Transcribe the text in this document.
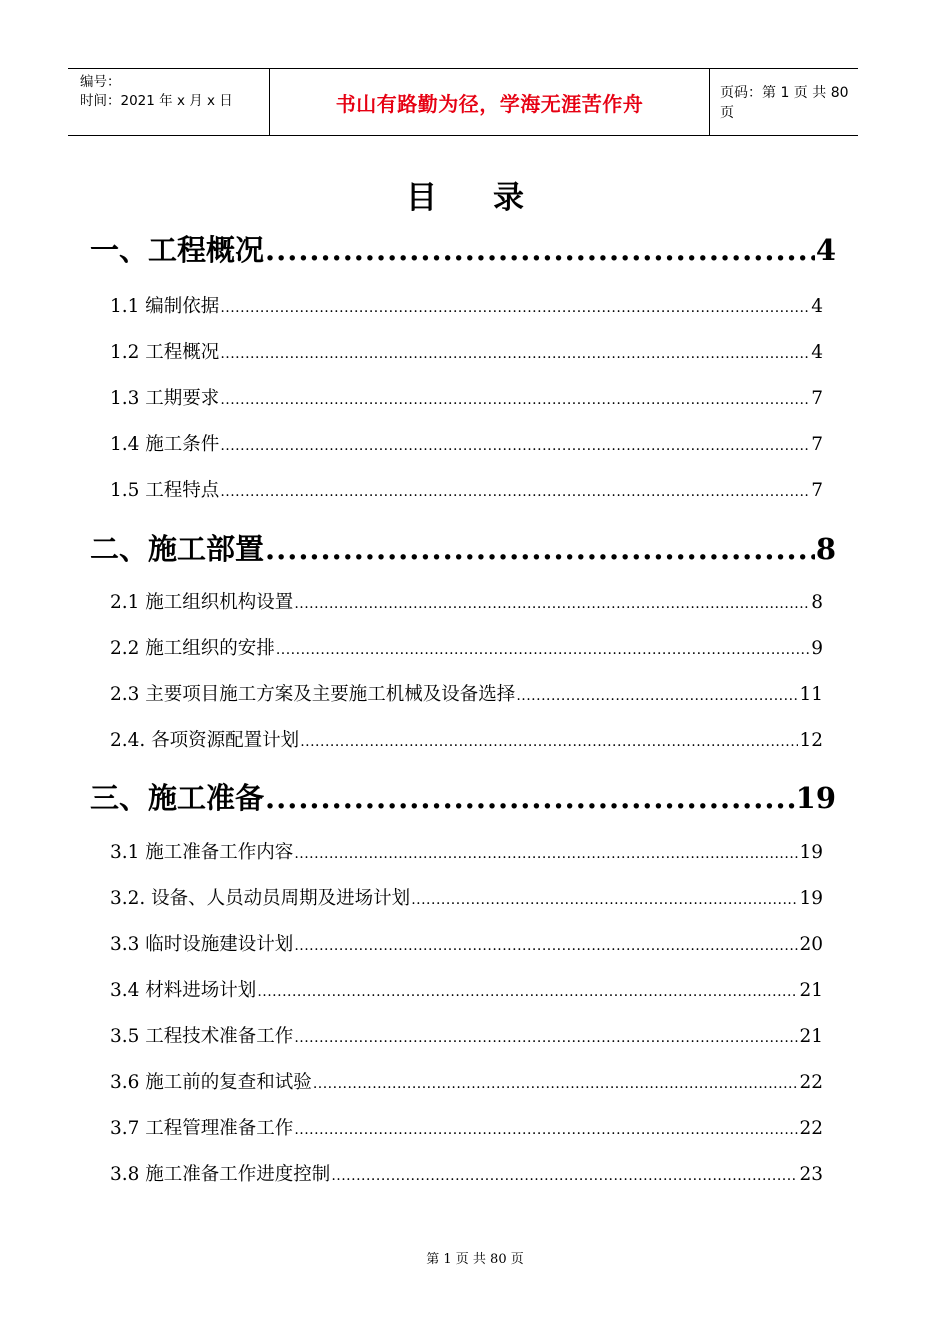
编号：
时间：2021 年 x 月 x 日	书山有路勤为径，学海无涯苦作舟	页码：第 1 页 共 80 页
目 录
一、 工程概况 .....	4
1.1 编制依据 .....	4
1.2 工程概况 .....	4
1.3 工期要求 .....	7
1.4 施工条件 .....	7
1.5 工程特点 .....	7
二、 施工部置 .....	8
2.1 施工组织机构设置 .....	8
2.2 施工组织的安排 .....	9
2.3 主要项目施工方案及主要施工机械及设备选择 .....	11
2.4. 各项资源配置计划 .....	12
三、 施工准备 .....	19
3.1 施工准备工作内容 .....	19
3.2. 设备、人员动员周期及进场计划 .....	19
3.3 临时设施建设计划 .....	20
3.4 材料进场计划 .....	21
3.5 工程技术准备工作 .....	21
3.6 施工前的复查和试验 .....	22
3.7 工程管理准备工作 .....	22
3.8 施工准备工作进度控制 .....	23
第 1 页 共 80 页
